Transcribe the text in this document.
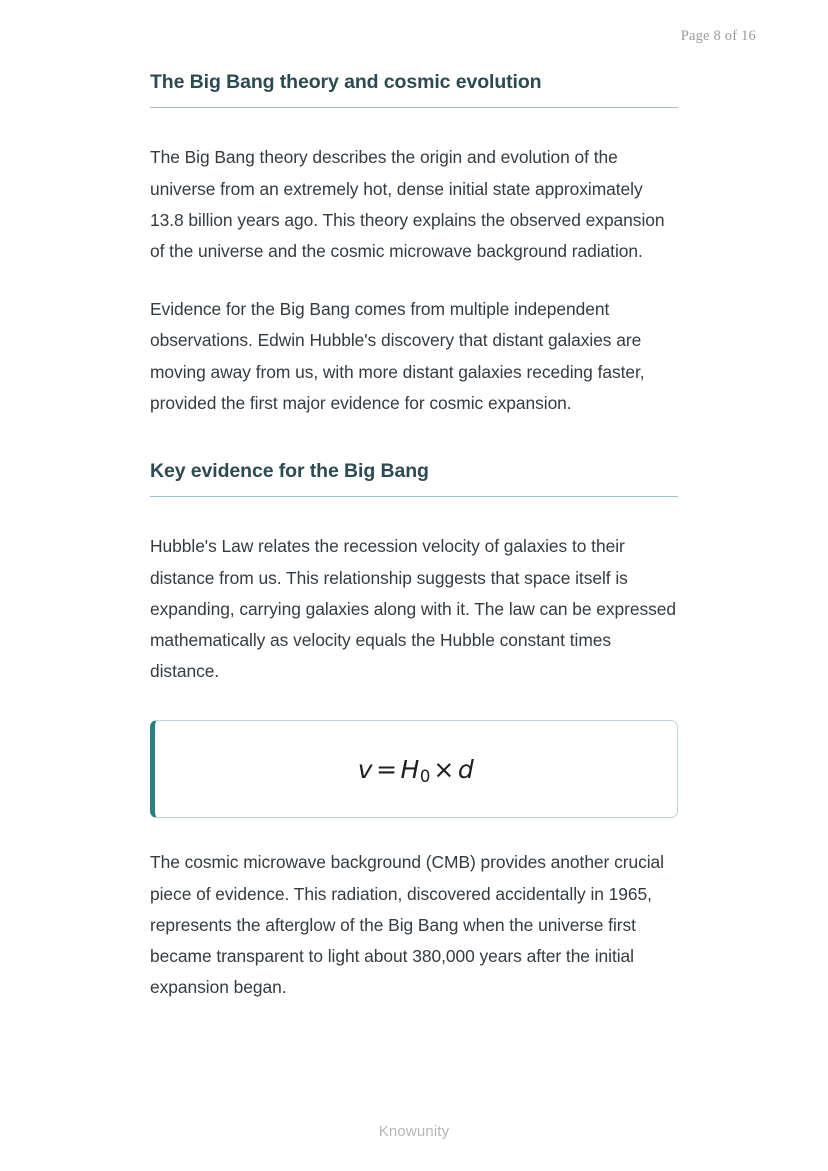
Page 8 of 16
The Big Bang theory and cosmic evolution

The Big Bang theory describes the origin and evolution of the universe from an extremely hot, dense initial state approximately 13.8 billion years ago. This theory explains the observed expansion of the universe and the cosmic microwave background radiation.

Evidence for the Big Bang comes from multiple independent observations. Edwin Hubble's discovery that distant galaxies are moving away from us, with more distant galaxies receding faster, provided the first major evidence for cosmic expansion.

Key evidence for the Big Bang

Hubble's Law relates the recession velocity of galaxies to their distance from us. This relationship suggests that space itself is expanding, carrying galaxies along with it. The law can be expressed mathematically as velocity equals the Hubble constant times distance.

$v = H_0 \times d$

The cosmic microwave background (CMB) provides another crucial piece of evidence. This radiation, discovered accidentally in 1965, represents the afterglow of the Big Bang when the universe first became transparent to light about 380,000 years after the initial expansion began.

Knowunity
